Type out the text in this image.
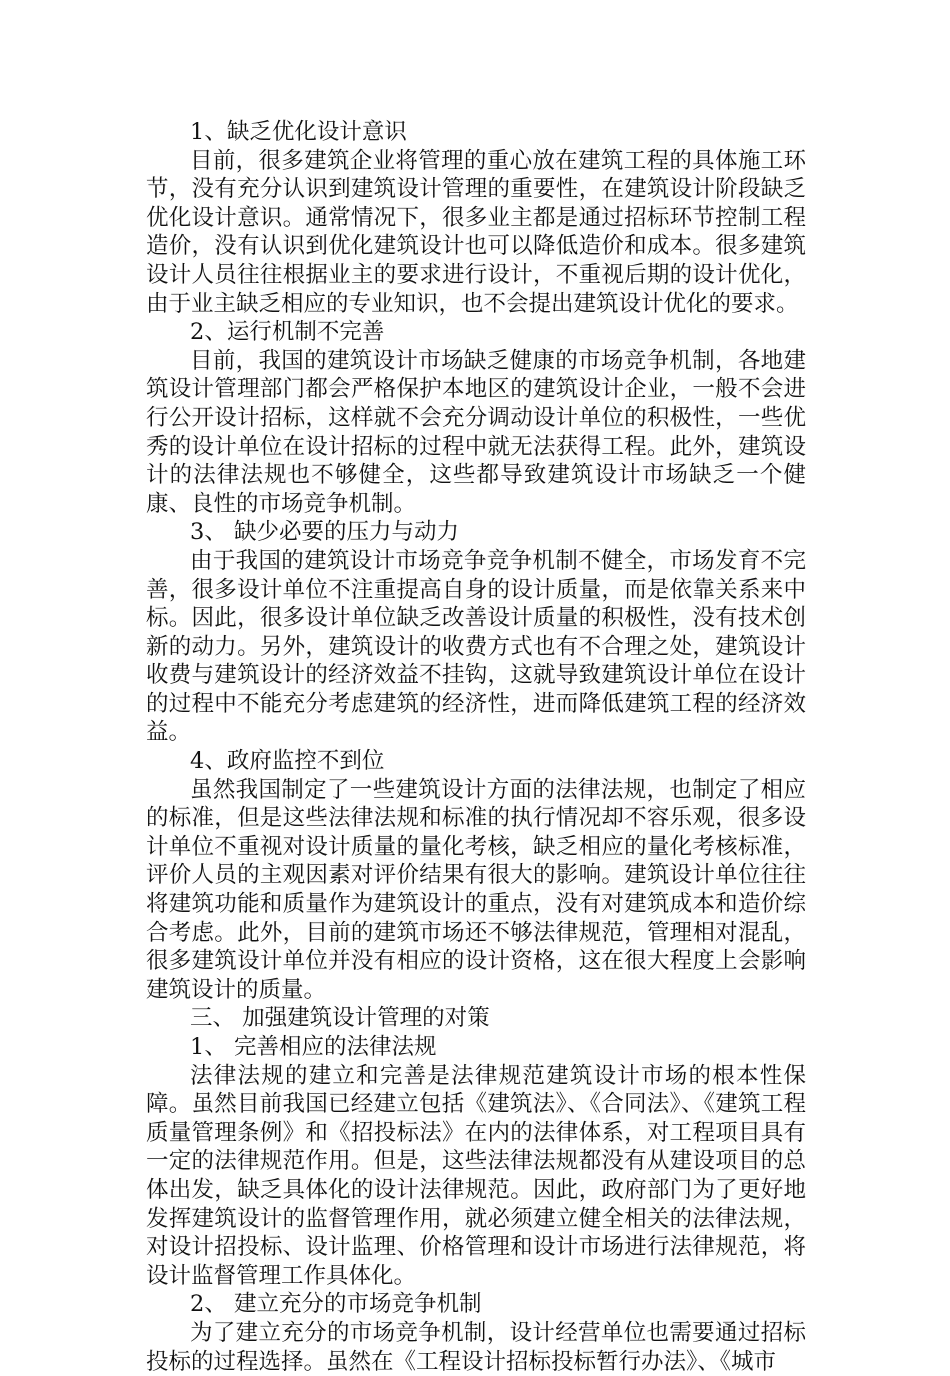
1、缺乏优化设计意识

目前，很多建筑企业将管理的重心放在建筑工程的具体施工环节，没有充分认识到建筑设计管理的重要性，在建筑设计阶段缺乏优化设计意识。通常情况下，很多业主都是通过招标环节控制工程造价，没有认识到优化建筑设计也可以降低造价和成本。很多建筑设计人员往往根据业主的要求进行设计，不重视后期的设计优化，由于业主缺乏相应的专业知识，也不会提出建筑设计优化的要求。

2、运行机制不完善

目前，我国的建筑设计市场缺乏健康的市场竞争机制，各地建筑设计管理部门都会严格保护本地区的建筑设计企业，一般不会进行公开设计招标，这样就不会充分调动设计单位的积极性，一些优秀的设计单位在设计招标的过程中就无法获得工程。此外，建筑设计的法律法规也不够健全，这些都导致建筑设计市场缺乏一个健康、良性的市场竞争机制。

3、 缺少必要的压力与动力

由于我国的建筑设计市场竞争竞争机制不健全，市场发育不完善，很多设计单位不注重提高自身的设计质量，而是依靠关系来中标。因此，很多设计单位缺乏改善设计质量的积极性，没有技术创新的动力。另外，建筑设计的收费方式也有不合理之处，建筑设计收费与建筑设计的经济效益不挂钩，这就导致建筑设计单位在设计的过程中不能充分考虑建筑的经济性，进而降低建筑工程的经济效益。

4、政府监控不到位

虽然我国制定了一些建筑设计方面的法律法规，也制定了相应的标准，但是这些法律法规和标准的执行情况却不容乐观，很多设计单位不重视对设计质量的量化考核，缺乏相应的量化考核标准，评价人员的主观因素对评价结果有很大的影响。建筑设计单位往往将建筑功能和质量作为建筑设计的重点，没有对建筑成本和造价综合考虑。此外，目前的建筑市场还不够法律规范，管理相对混乱，很多建筑设计单位并没有相应的设计资格，这在很大程度上会影响建筑设计的质量。

三、 加强建筑设计管理的对策

1、 完善相应的法律法规

法律法规的建立和完善是法律规范建筑设计市场的根本性保障。虽然目前我国已经建立包括《建筑法》、《合同法》、《建筑工程质量管理条例》和《招投标法》在内的法律体系，对工程项目具有一定的法律规范作用。但是，这些法律法规都没有从建设项目的总体出发，缺乏具体化的设计法律规范。因此，政府部门为了更好地发挥建筑设计的监督管理作用，就必须建立健全相关的法律法规，对设计招投标、设计监理、价格管理和设计市场进行法律规范，将设计监督管理工作具体化。

2、 建立充分的市场竞争机制

为了建立充分的市场竞争机制，设计经营单位也需要通过招标投标的过程选择。虽然在《工程设计招标投标暂行办法》、《城市
